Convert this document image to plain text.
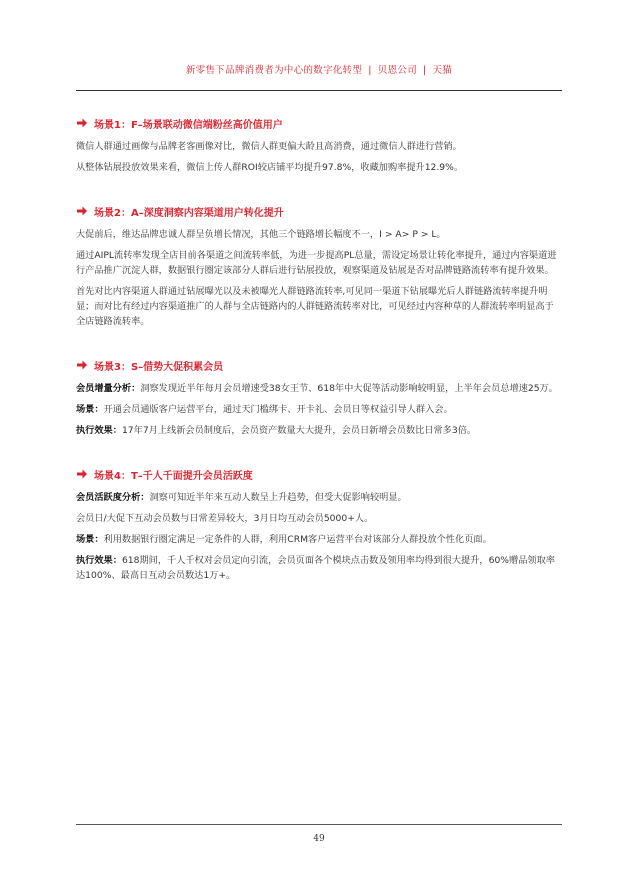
新零售下品牌消费者为中心的数字化转型 | 贝恩公司 | 天猫
场景1：F–场景联动微信端粉丝高价值用户

微信人群通过画像与品牌老客画像对比，微信人群更偏大龄且高消费，通过微信人群进行营销。

从整体钻展投放效果来看，微信上传人群ROI较店铺平均提升97.8%，收藏加购率提升12.9%。

场景2：A–深度洞察内容渠道用户转化提升

大促前后，维达品牌忠诚人群呈负增长情况，其他三个链路增长幅度不一，I > A> P > L。

通过AIPL流转率发现全店目前各渠道之间流转率低，为进一步提高PL总量，需设定场景让转化率提升，通过内容渠道进行产品推广沉淀人群，数据银行圈定该部分人群后进行钻展投放，观察渠道及钻展是否对品牌链路流转率有提升效果。

首先对比内容渠道人群通过钻展曝光以及未被曝光人群链路流转率,可见同一渠道下钻展曝光后人群链路流转率提升明显；而对比有经过内容渠道推广的人群与全店链路内的人群链路流转率对比，可见经过内容种草的人群流转率明显高于全店链路流转率。

场景3：S–借势大促积累会员

会员增量分析：洞察发现近半年每月会员增速受38女王节、618年中大促等活动影响较明显，上半年会员总增速25万。

场景：开通会员通版客户运营平台，通过天门槛绑卡、开卡礼、会员日等权益引导人群入会。

执行效果：17年7月上线新会员制度后，会员资产数量大大提升，会员日新增会员数比日常多3倍。

场景4：T–千人千面提升会员活跃度

会员活跃度分析：洞察可知近半年来互动人数呈上升趋势，但受大促影响较明显。

会员日/大促下互动会员数与日常差异较大，3月日均互动会员5000+人。

场景：利用数据银行圈定满足一定条件的人群，利用CRM客户运营平台对该部分人群投放个性化页面。

执行效果：618期间，千人千权对会员定向引流，会员页面各个模块点击数及领用率均得到很大提升，60%赠品领取率达100%、最高日互动会员数达1万+。

49
